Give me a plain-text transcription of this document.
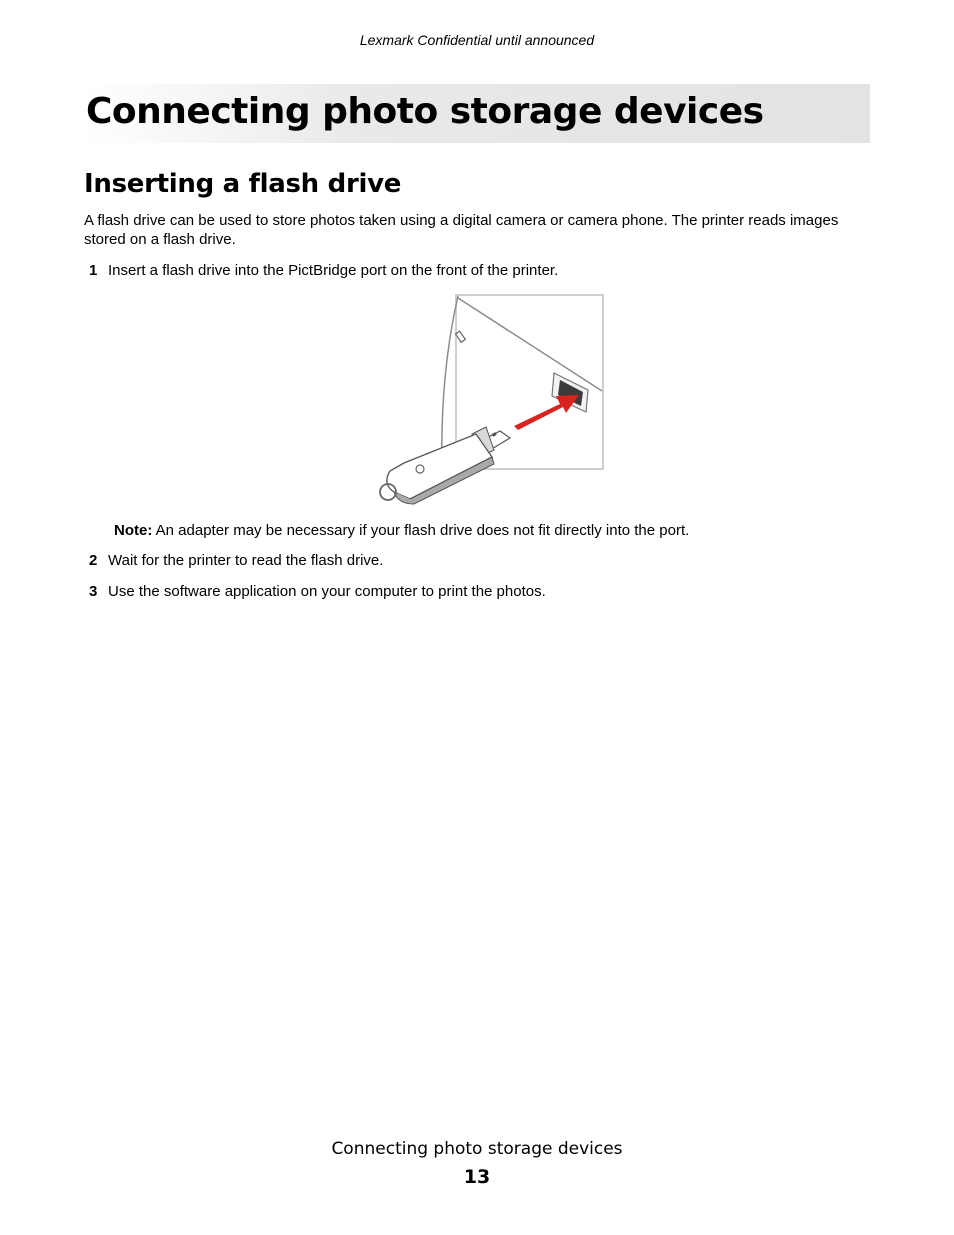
Lexmark Confidential until announced
Connecting photo storage devices
Inserting a flash drive

A flash drive can be used to store photos taken using a digital camera or camera phone. The printer reads images stored on a flash drive.

1 Insert a flash drive into the PictBridge port on the front of the printer.
Note: An adapter may be necessary if your flash drive does not fit directly into the port.
2 Wait for the printer to read the flash drive.
3 Use the software application on your computer to print the photos.
Connecting photo storage devices
13
